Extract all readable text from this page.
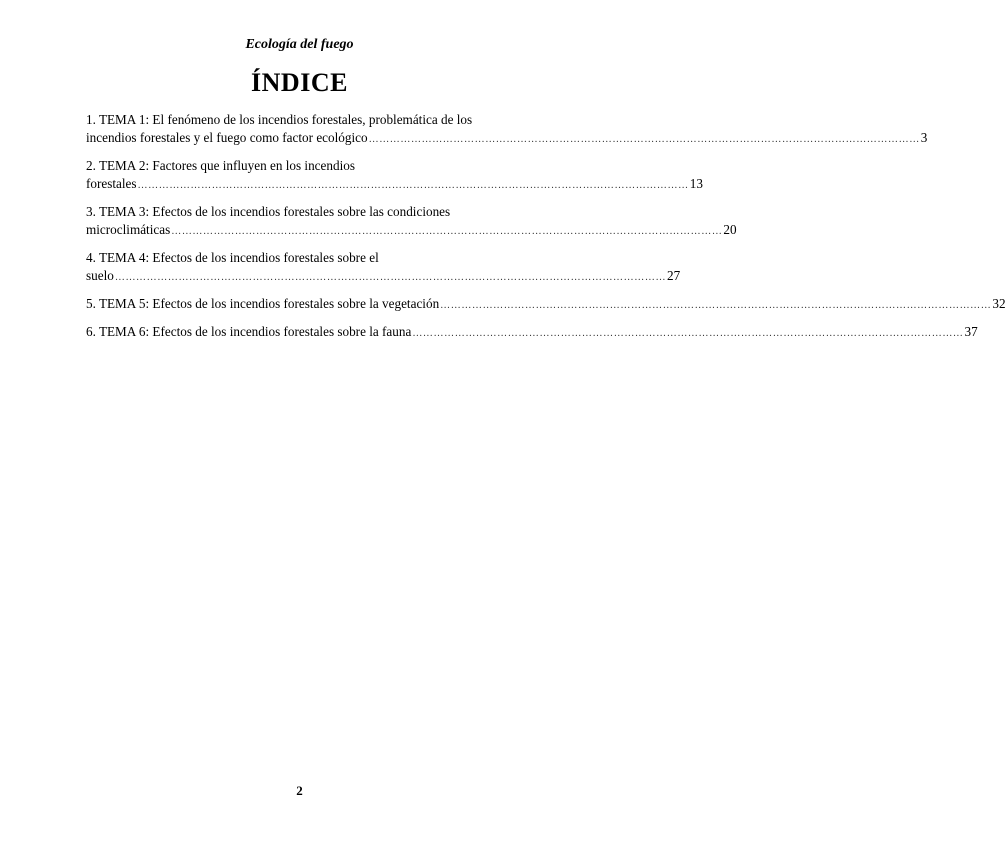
Ecología del fuego
ÍNDICE
1. TEMA 1: El fenómeno de los incendios forestales, problemática de los
incendios forestales y el fuego como factor ecológico ………………………………………………………………………………………………………………………………………… 3
2. TEMA 2: Factores que influyen en los incendios
forestales ………………………………………………………………………………………………………………………………………… 13
3. TEMA 3: Efectos de los incendios forestales sobre las condiciones
microclimáticas ………………………………………………………………………………………………………………………………………… 20
4. TEMA 4: Efectos de los incendios forestales sobre el
suelo ………………………………………………………………………………………………………………………………………… 27
5. TEMA 5: Efectos de los incendios forestales sobre la vegetación ………………………………………………………………………………………………………………………………………… 32
6. TEMA 6: Efectos de los incendios forestales sobre la fauna ………………………………………………………………………………………………………………………………………… 37
2
